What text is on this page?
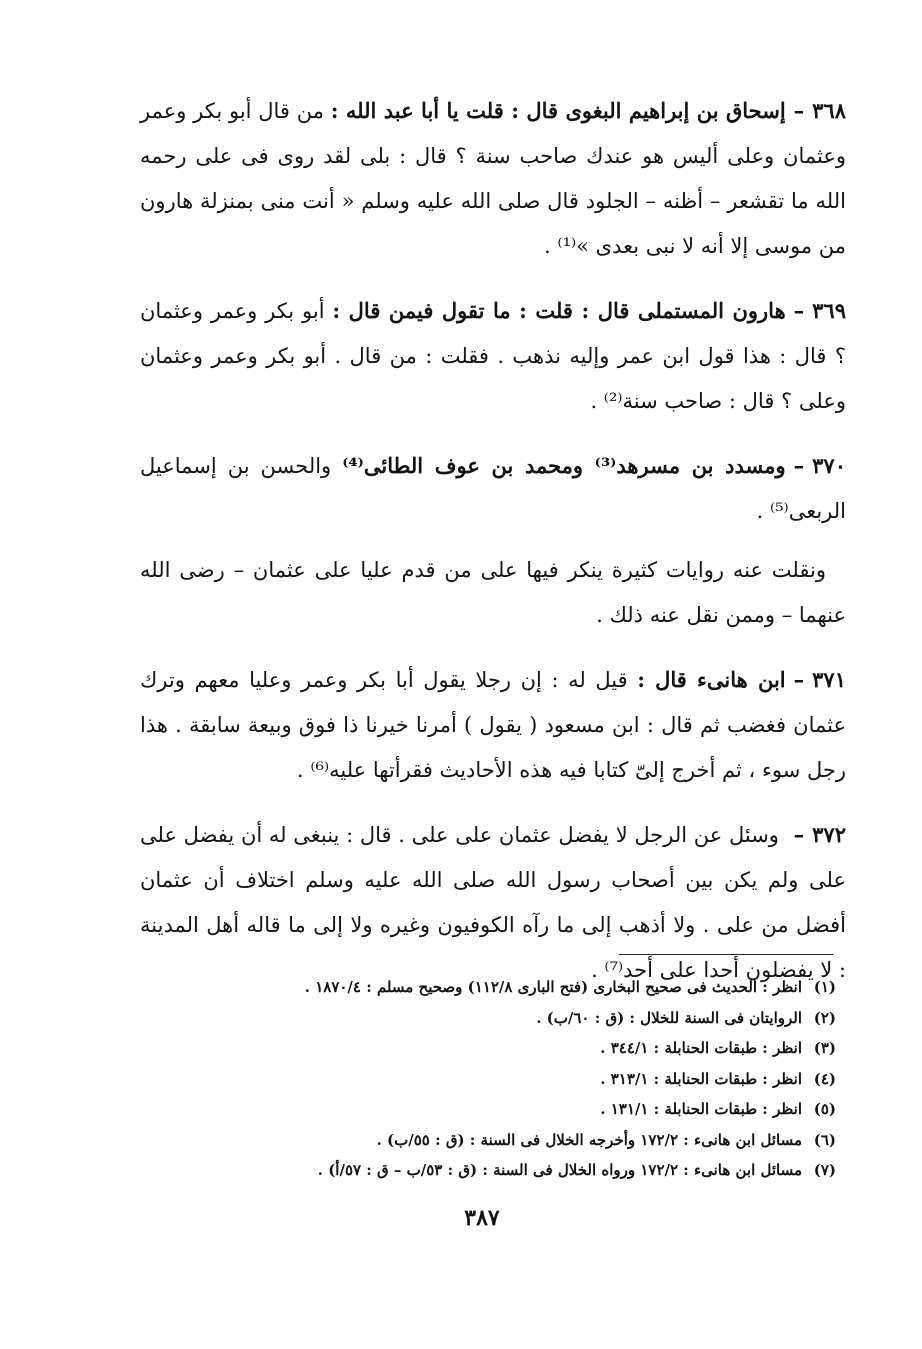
٣٦٨–إسحاق بن إبراهيم البغوى قال : قلت يا أبا عبد الله : من قال أبو بكر وعمر وعثمان وعلى أليس هو عندك صاحب سنة ؟ قال : بلى لقد روى فى على رحمه الله ما تقشعر – أظنه – الجلود قال صلى الله عليه وسلم « أنت منى بمنزلة هارون من موسى إلا أنه لا نبى بعدى »⁽¹⁾ .

٣٦٩–هارون المستملى قال : قلت : ما تقول فيمن قال : أبو بكر وعمر وعثمان ؟ قال : هذا قول ابن عمر وإليه نذهب . فقلت : من قال . أبو بكر وعمر وعثمان وعلى ؟ قال : صاحب سنة⁽²⁾ .

٣٧٠–ومسدد بن مسرهد⁽³⁾ ومحمد بن عوف الطائى⁽⁴⁾ والحسن بن إسماعيل الربعى⁽⁵⁾ .

ونقلت عنه روايات كثيرة ينكر فيها على من قدم عليا على عثمان – رضى الله عنهما – وممن نقل عنه ذلك .

٣٧١–ابن هانىء قال : قيل له : إن رجلا يقول أبا بكر وعمر وعليا معهم وترك عثمان فغضب ثم قال : ابن مسعود ( يقول ) أمرنا خيرنا ذا فوق وبيعة سابقة . هذا رجل سوء ، ثم أخرج إلىّ كتابا فيه هذه الأحاديث فقرأتها عليه⁽⁶⁾ .

٣٧٢– وسئل عن الرجل لا يفضل عثمان على على . قال : ينبغى له أن يفضل على على ولم يكن بين أصحاب رسول الله صلى الله عليه وسلم اختلاف أن عثمان أفضل من على . ولا أذهب إلى ما رآه الكوفيون وغيره ولا إلى ما قاله أهل المدينة : لا يفضلون أحدا على أحد⁽⁷⁾ .

(١)انظر : الحديث فى صحيح البخارى (فتح البارى ١١٢/٨) وصحيح مسلم : ١٨٧٠/٤ .
(٢)الروايتان فى السنة للخلال : (ق : ٦٠/ب) .
(٣)انظر : طبقات الحنابلة : ٣٤٤/١ .
(٤)انظر : طبقات الحنابلة : ٣١٣/١ .
(٥)انظر : طبقات الحنابلة : ١٣١/١ .
(٦)مسائل ابن هانىء : ١٧٢/٢ وأخرجه الخلال فى السنة : (ق : ٥٥/ب) .
(٧)مسائل ابن هانىء : ١٧٢/٢ ورواه الخلال فى السنة : (ق : ٥٣/ب – ق : ٥٧/أ) .
٣٨٧
